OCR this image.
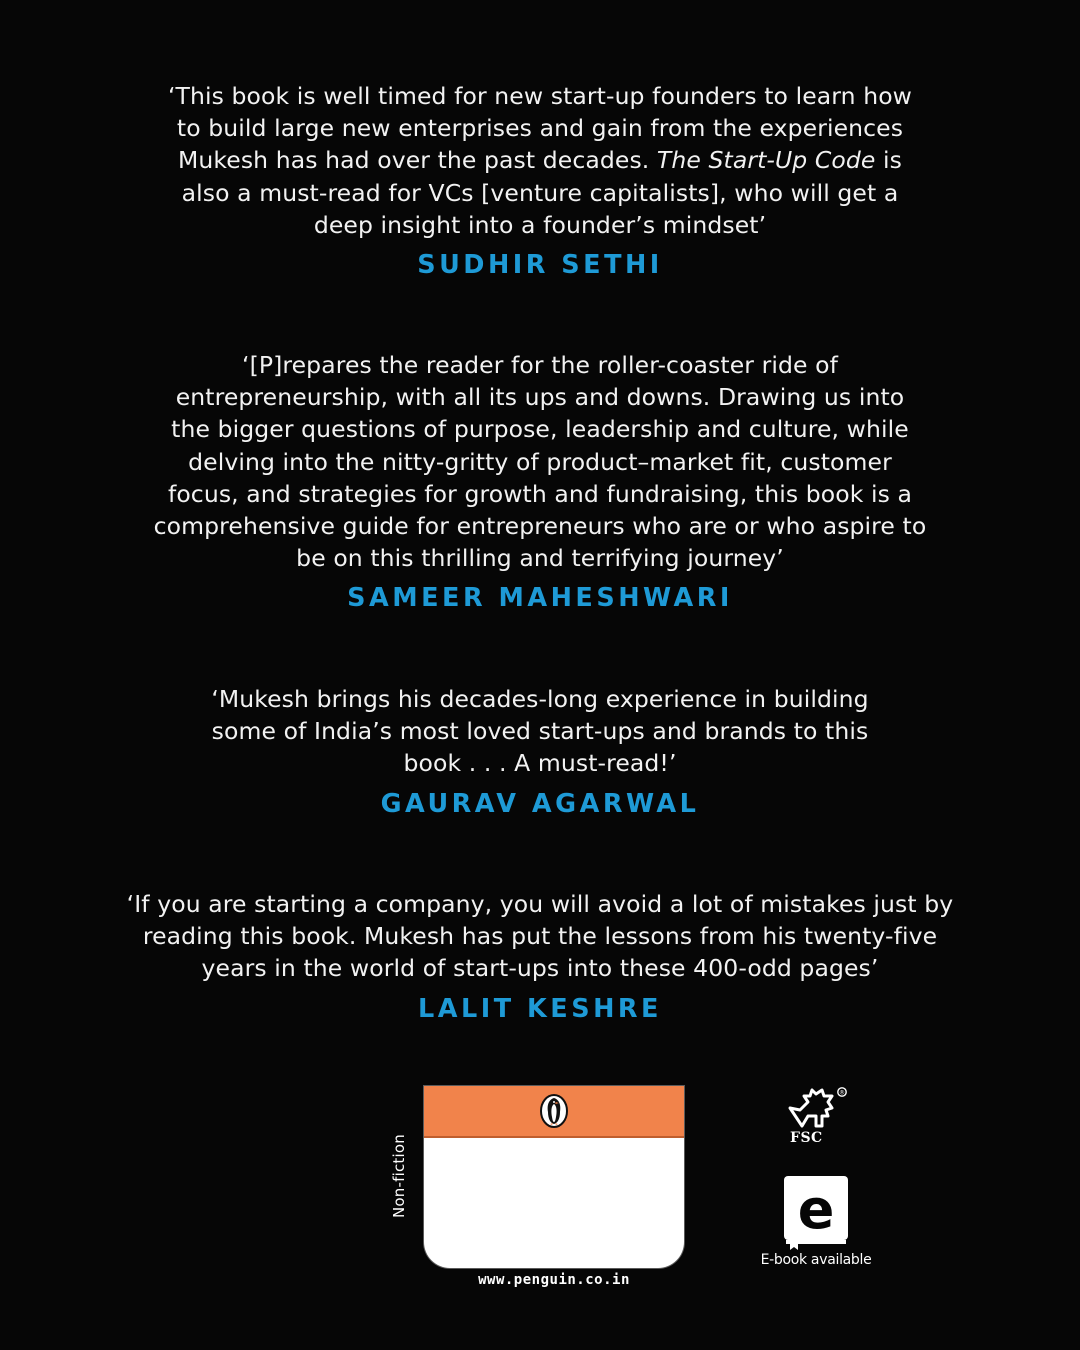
‘This book is well timed for new start-up founders to learn how
to build large new enterprises and gain from the experiences
Mukesh has had over the past decades. The Start-Up Code is
also a must-read for VCs [venture capitalists], who will get a
deep insight into a founder’s mindset’

SUDHIR SETHI

‘[P]repares the reader for the roller-coaster ride of
entrepreneurship, with all its ups and downs. Drawing us into
the bigger questions of purpose, leadership and culture, while
delving into the nitty-gritty of product–market fit, customer
focus, and strategies for growth and fundraising, this book is a
comprehensive guide for entrepreneurs who are or who aspire to
be on this thrilling and terrifying journey’

SAMEER MAHESHWARI

‘Mukesh brings his decades-long experience in building
some of India’s most loved start-ups and brands to this
book . . . A must-read!’

GAURAV AGARWAL

‘If you are starting a company, you will avoid a lot of mistakes just by
reading this book. Mukesh has put the lessons from his twenty-five
years in the world of start-ups into these 400-odd pages’

LALIT KESHRE
Non-fiction
www.penguin.co.in
®
FSC
e
E-book available
